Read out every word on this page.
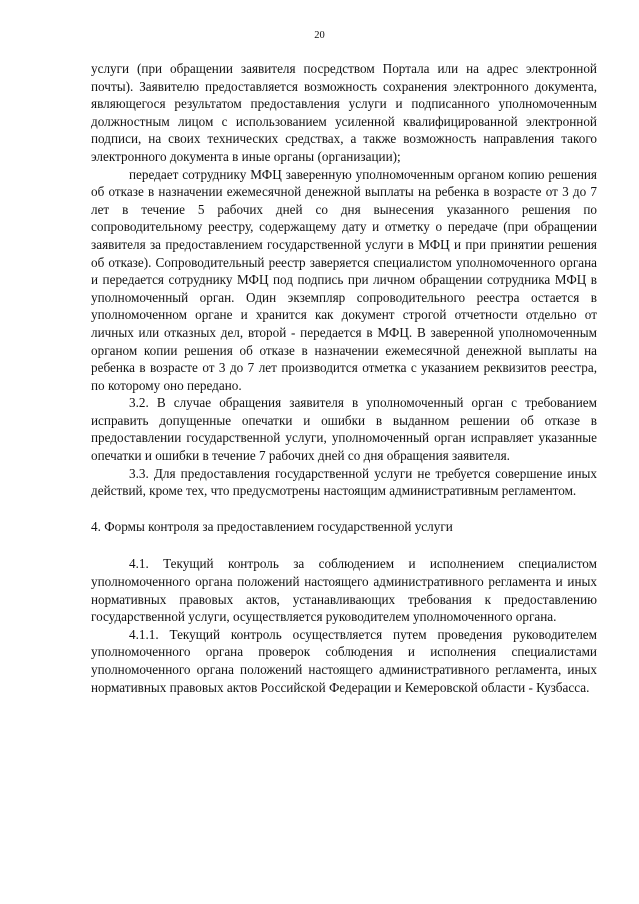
20

услуги (при обращении заявителя посредством Портала или на адрес электронной почты). Заявителю предоставляется возможность сохранения электронного документа, являющегося результатом предоставления услуги и подписанного уполномоченным должностным лицом с использованием усиленной квалифицированной электронной подписи, на своих технических средствах, а также возможность направления такого электронного документа в иные органы (организации);

передает сотруднику МФЦ заверенную уполномоченным органом копию решения об отказе в назначении ежемесячной денежной выплаты на ребенка в возрасте от 3 до 7 лет в течение 5 рабочих дней со дня вынесения указанного решения по сопроводительному реестру, содержащему дату и отметку о передаче (при обращении заявителя за предоставлением государственной услуги в МФЦ и при принятии решения об отказе). Сопроводительный реестр заверяется специалистом уполномоченного органа и передается сотруднику МФЦ под подпись при личном обращении сотрудника МФЦ в уполномоченный орган. Один экземпляр сопроводительного реестра остается в уполномоченном органе и хранится как документ строгой отчетности отдельно от личных или отказных дел, второй - передается в МФЦ. В заверенной уполномоченным органом копии решения об отказе в назначении ежемесячной денежной выплаты на ребенка в возрасте от 3 до 7 лет производится отметка с указанием реквизитов реестра, по которому оно передано.

3.2. В случае обращения заявителя в уполномоченный орган с требованием исправить допущенные опечатки и ошибки в выданном решении об отказе в предоставлении государственной услуги, уполномоченный орган исправляет указанные опечатки и ошибки в течение 7 рабочих дней со дня обращения заявителя.

3.3. Для предоставления государственной услуги не требуется совершение иных действий, кроме тех, что предусмотрены настоящим административным регламентом.

4. Формы контроля за предоставлением государственной услуги

4.1. Текущий контроль за соблюдением и исполнением специалистом уполномоченного органа положений настоящего административного регламента и иных нормативных правовых актов, устанавливающих требования к предоставлению государственной услуги, осуществляется руководителем уполномоченного органа.

4.1.1. Текущий контроль осуществляется путем проведения руководителем уполномоченного органа проверок соблюдения и исполнения специалистами уполномоченного органа положений настоящего административного регламента, иных нормативных правовых актов Российской Федерации и Кемеровской области - Кузбасса.
